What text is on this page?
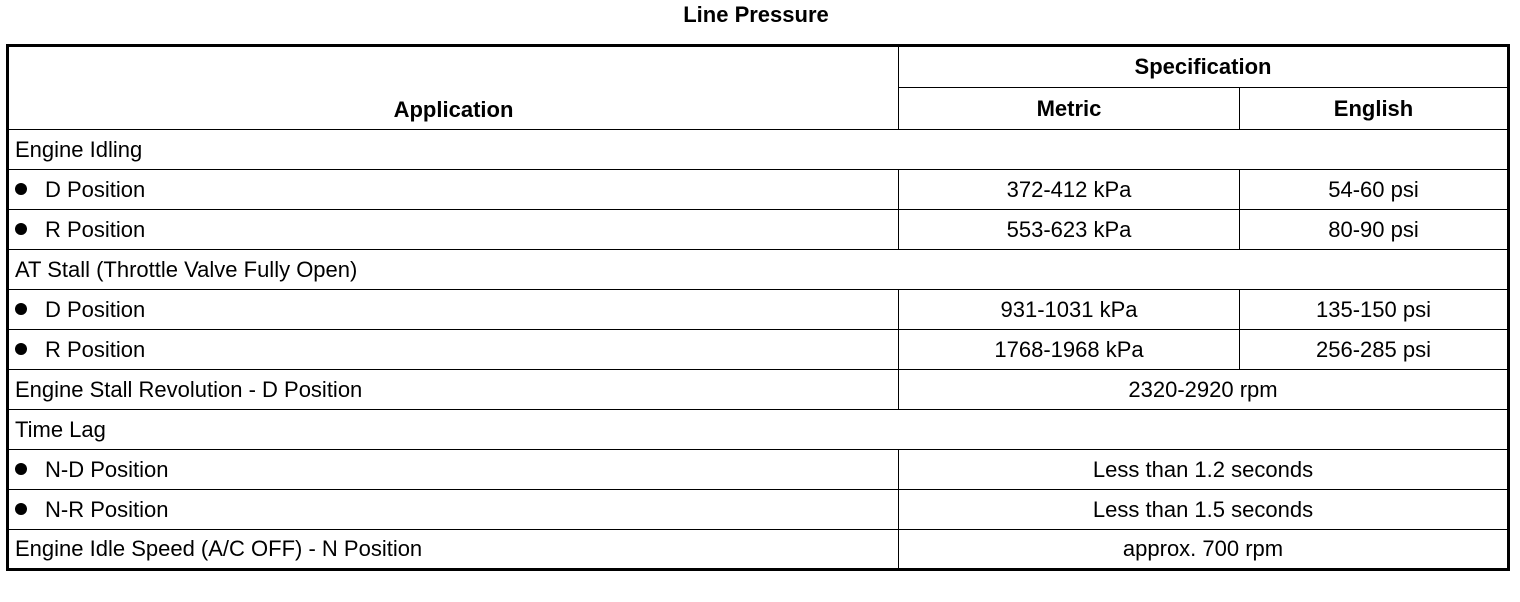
Line Pressure
Application	Specification	
	Metric	English
Engine Idling		
D Position	372-412 kPa	54-60 psi
R Position	553-623 kPa	80-90 psi
AT Stall (Throttle Valve Fully Open)		
D Position	931-1031 kPa	135-150 psi
R Position	1768-1968 kPa	256-285 psi
Engine Stall Revolution - D Position	2320-2920 rpm	
Time Lag		
N-D Position	Less than 1.2 seconds	
N-R Position	Less than 1.5 seconds	
Engine Idle Speed (A/C OFF) - N Position	approx. 700 rpm	
